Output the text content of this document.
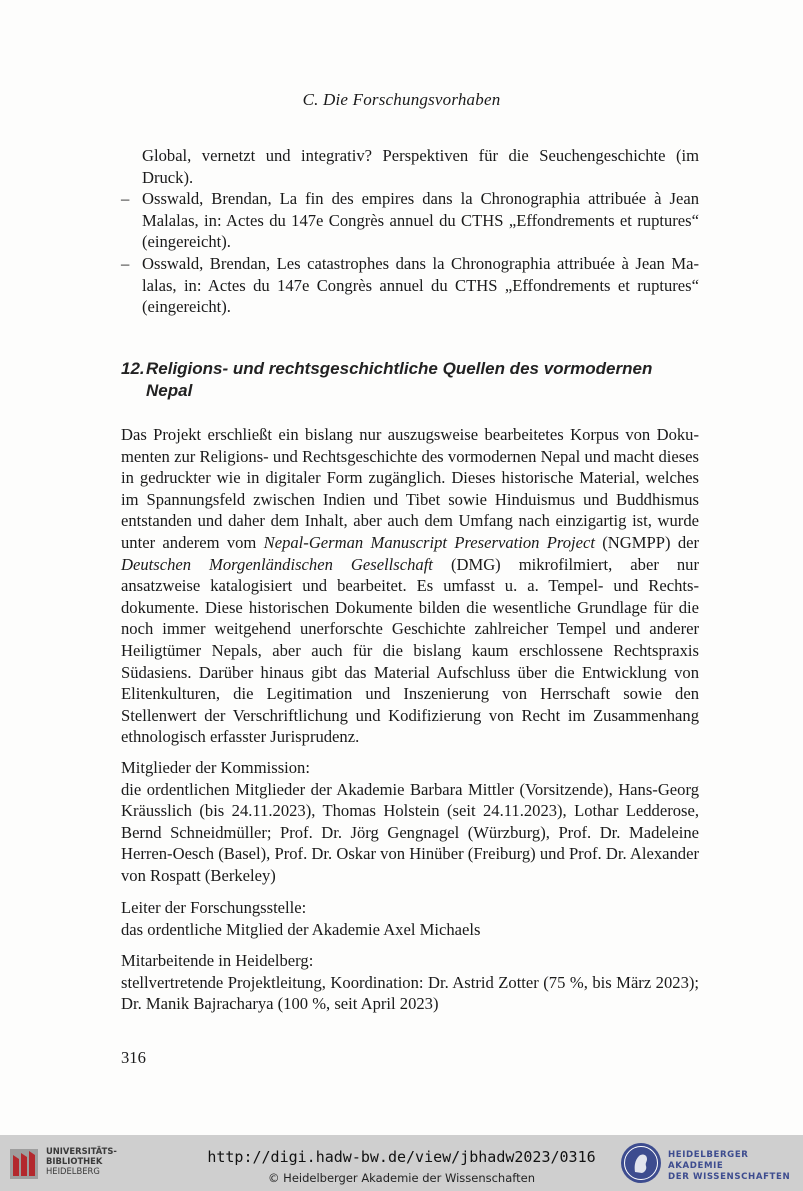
C. Die Forschungsvorhaben

Global, vernetzt und integrativ? Perspektiven für die Seuchengeschichte (im Druck).

– Osswald, Brendan, La fin des empires dans la Chronographia attribuée à Jean Malalas, in: Actes du 147e Congrès annuel du CTHS „Effondrements et ruptures“ (eingereicht).

– Osswald, Brendan, Les catastrophes dans la Chronographia attribuée à Jean Malalas, in: Actes du 147e Congrès annuel du CTHS „Effondrements et ruptures“ (eingereicht).

12. Religions- und rechtsgeschichtliche Quellen des vormodernen Nepal

Das Projekt erschließt ein bislang nur auszugsweise bearbeitetes Korpus von Dokumenten zur Religions- und Rechtsgeschichte des vormodernen Nepal und macht dieses in gedruckter wie in digitaler Form zugänglich. Dieses historische Material, welches im Spannungsfeld zwischen Indien und Tibet sowie Hinduismus und Buddhismus entstanden und daher dem Inhalt, aber auch dem Umfang nach einzigartig ist, wurde unter anderem vom Nepal-German Manuscript Preservation Project (NGMPP) der Deutschen Morgenländischen Gesellschaft (DMG) mikrofilmiert, aber nur ansatzweise katalogisiert und bearbeitet. Es umfasst u. a. Tempel- und Rechtsdokumente. Diese historischen Dokumente bilden die wesentliche Grundlage für die noch immer weitgehend unerforschte Geschichte zahlreicher Tempel und anderer Heiligtümer Nepals, aber auch für die bislang kaum erschlossene Rechtspraxis Südasiens. Darüber hinaus gibt das Material Aufschluss über die Entwicklung von Elitenkulturen, die Legitimation und Inszenierung von Herrschaft sowie den Stellenwert der Verschriftlichung und Kodifizierung von Recht im Zusammenhang ethnologisch erfasster Jurisprudenz.

Mitglieder der Kommission:

die ordentlichen Mitglieder der Akademie Barbara Mittler (Vorsitzende), Hans-Georg Kräusslich (bis 24.11.2023), Thomas Holstein (seit 24.11.2023), Lothar Ledderose, Bernd Schneidmüller; Prof. Dr. Jörg Gengnagel (Würzburg), Prof. Dr. Madeleine Herren-Oesch (Basel), Prof. Dr. Oskar von Hinüber (Freiburg) und Prof. Dr. Alexander von Rospatt (Berkeley)

Leiter der Forschungsstelle:

das ordentliche Mitglied der Akademie Axel Michaels

Mitarbeitende in Heidelberg:

stellvertretende Projektleitung, Koordination: Dr. Astrid Zotter (75 %, bis März 2023); Dr. Manik Bajracharya (100 %, seit April 2023)

316
UNIVERSITÄTS-
BIBLIOTHEK
HEIDELBERG
http://digi.hadw-bw.de/view/jbhadw2023/0316
© Heidelberger Akademie der Wissenschaften
HEIDELBERGER AKADEMIE
DER WISSENSCHAFTEN
